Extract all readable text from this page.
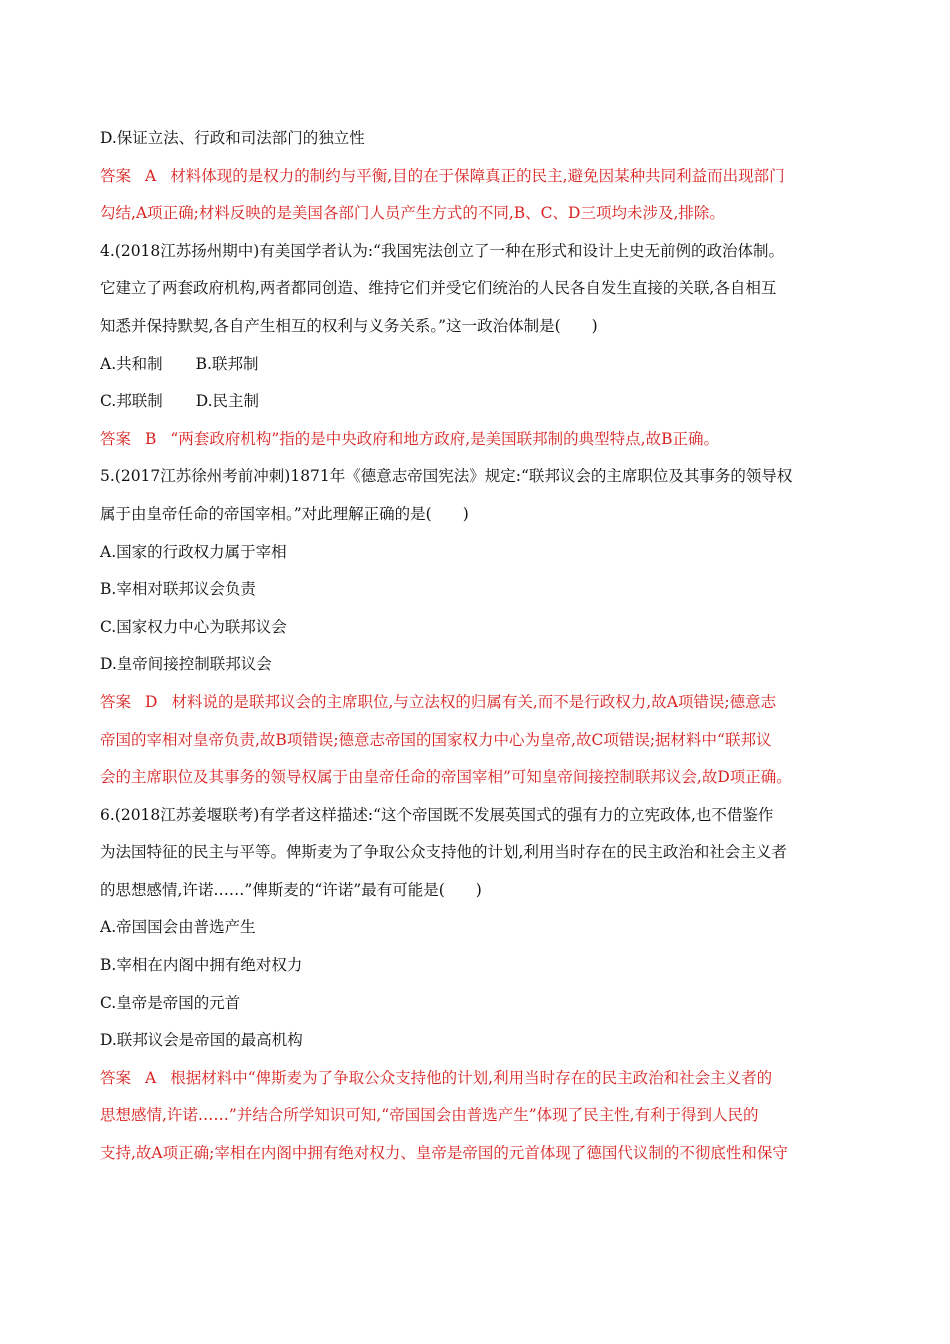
D.保证立法、行政和司法部门的独立性
答案 A 材料体现的是权力的制约与平衡,目的在于保障真正的民主,避免因某种共同利益而出现部门
勾结,A项正确;材料反映的是美国各部门人员产生方式的不同,B、C、D三项均未涉及,排除。
4.(2018江苏扬州期中)有美国学者认为:“我国宪法创立了一种在形式和设计上史无前例的政治体制。
它建立了两套政府机构,两者都同创造、维持它们并受它们统治的人民各自发生直接的关联,各自相互
知悉并保持默契,各自产生相互的权利与义务关系。”这一政治体制是(　　)
A.共和制 B.联邦制
C.邦联制 D.民主制
答案 B “两套政府机构”指的是中央政府和地方政府,是美国联邦制的典型特点,故B正确。
5.(2017江苏徐州考前冲刺)1871年《德意志帝国宪法》规定:“联邦议会的主席职位及其事务的领导权
属于由皇帝任命的帝国宰相。”对此理解正确的是(　　)
A.国家的行政权力属于宰相
B.宰相对联邦议会负责
C.国家权力中心为联邦议会
D.皇帝间接控制联邦议会
答案 D 材料说的是联邦议会的主席职位,与立法权的归属有关,而不是行政权力,故A项错误;德意志
帝国的宰相对皇帝负责,故B项错误;德意志帝国的国家权力中心为皇帝,故C项错误;据材料中“联邦议
会的主席职位及其事务的领导权属于由皇帝任命的帝国宰相”可知皇帝间接控制联邦议会,故D项正确。
6.(2018江苏姜堰联考)有学者这样描述:“这个帝国既不发展英国式的强有力的立宪政体,也不借鉴作
为法国特征的民主与平等。俾斯麦为了争取公众支持他的计划,利用当时存在的民主政治和社会主义者
的思想感情,许诺……”俾斯麦的“许诺”最有可能是(　　)
A.帝国国会由普选产生
B.宰相在内阁中拥有绝对权力
C.皇帝是帝国的元首
D.联邦议会是帝国的最高机构
答案 A 根据材料中“俾斯麦为了争取公众支持他的计划,利用当时存在的民主政治和社会主义者的
思想感情,许诺……”并结合所学知识可知,“帝国国会由普选产生”体现了民主性,有利于得到人民的
支持,故A项正确;宰相在内阁中拥有绝对权力、皇帝是帝国的元首体现了德国代议制的不彻底性和保守
